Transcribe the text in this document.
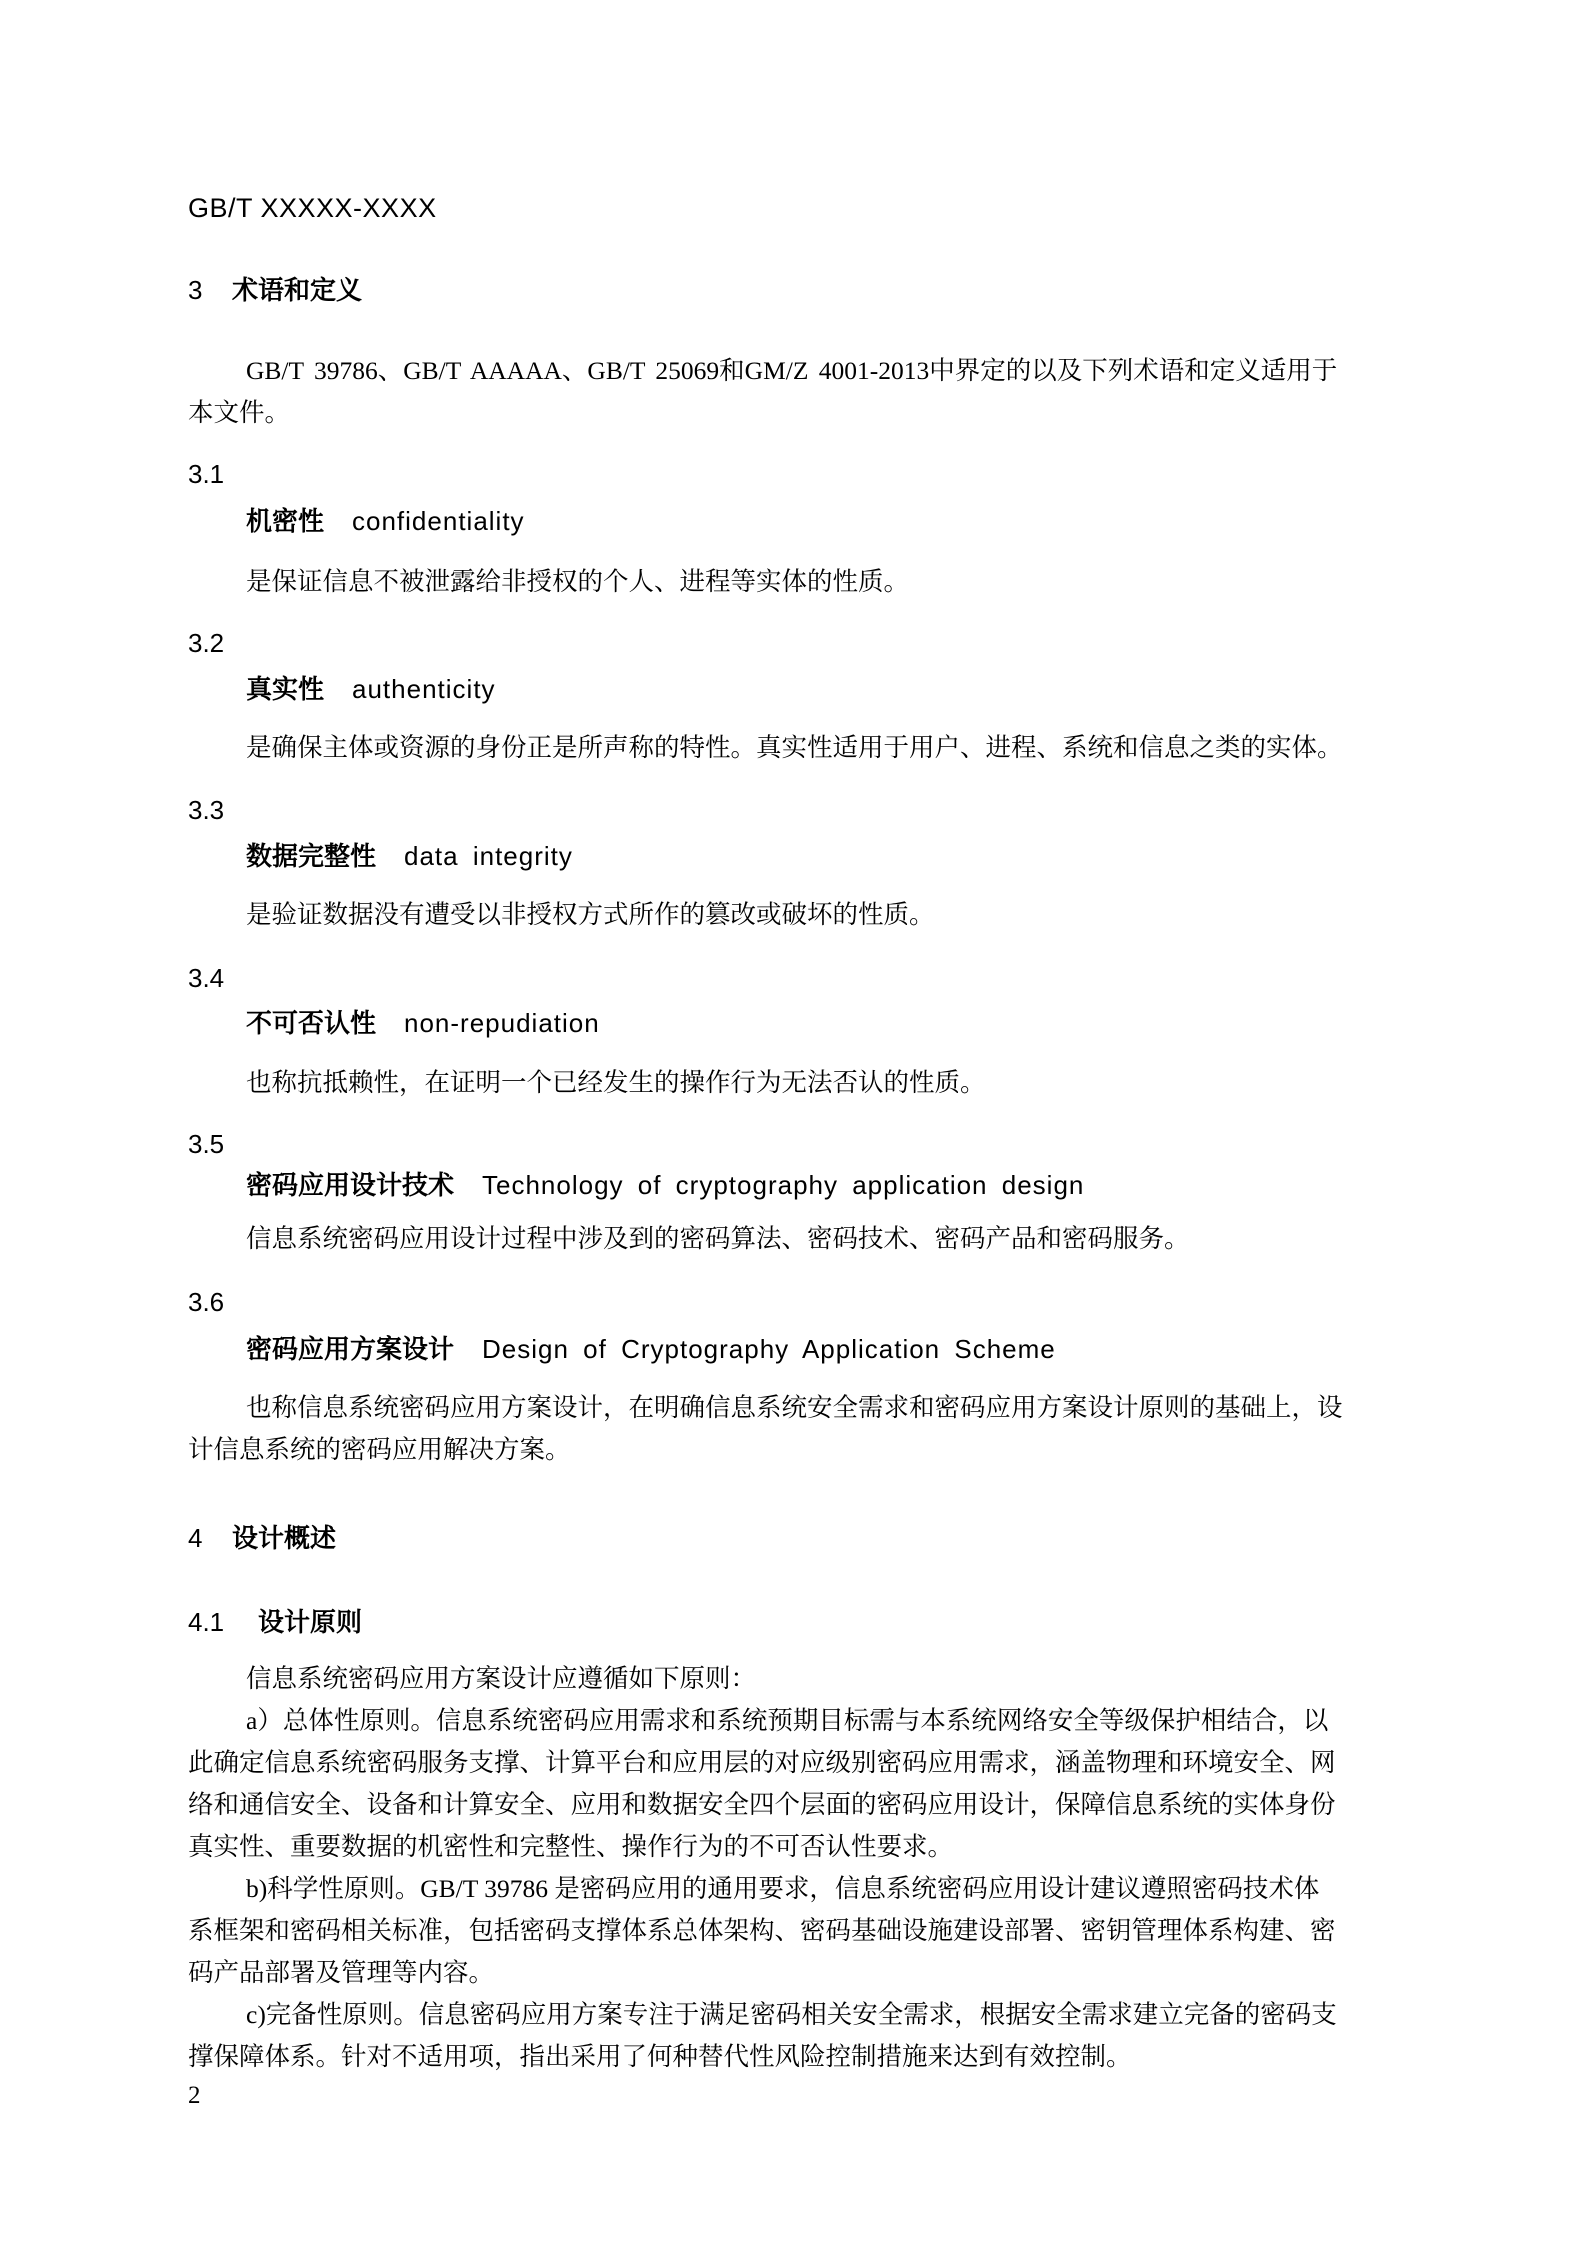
GB/T XXXXX-XXXX
3 术语和定义
GB/T 39786、GB/T AAAAA、GB/T 25069和GM/Z 4001-2013中界定的以及下列术语和定义适用于
本文件。
3.1
机密性 confidentiality
是保证信息不被泄露给非授权的个人、进程等实体的性质。
3.2
真实性 authenticity
是确保主体或资源的身份正是所声称的特性。真实性适用于用户、进程、系统和信息之类的实体。
3.3
数据完整性 data integrity
是验证数据没有遭受以非授权方式所作的篡改或破坏的性质。
3.4
不可否认性 non-repudiation
也称抗抵赖性，在证明一个已经发生的操作行为无法否认的性质。
3.5
密码应用设计技术 Technology of cryptography application design
信息系统密码应用设计过程中涉及到的密码算法、密码技术、密码产品和密码服务。
3.6
密码应用方案设计 Design of Cryptography Application Scheme
也称信息系统密码应用方案设计，在明确信息系统安全需求和密码应用方案设计原则的基础上，设
计信息系统的密码应用解决方案。
4 设计概述
4.1 设计原则
信息系统密码应用方案设计应遵循如下原则：
a）总体性原则。信息系统密码应用需求和系统预期目标需与本系统网络安全等级保护相结合，以
此确定信息系统密码服务支撑、计算平台和应用层的对应级别密码应用需求，涵盖物理和环境安全、网
络和通信安全、设备和计算安全、应用和数据安全四个层面的密码应用设计，保障信息系统的实体身份
真实性、重要数据的机密性和完整性、操作行为的不可否认性要求。
b)科学性原则。GB/T 39786 是密码应用的通用要求，信息系统密码应用设计建议遵照密码技术体
系框架和密码相关标准，包括密码支撑体系总体架构、密码基础设施建设部署、密钥管理体系构建、密
码产品部署及管理等内容。
c)完备性原则。信息密码应用方案专注于满足密码相关安全需求，根据安全需求建立完备的密码支
撑保障体系。针对不适用项，指出采用了何种替代性风险控制措施来达到有效控制。
2
